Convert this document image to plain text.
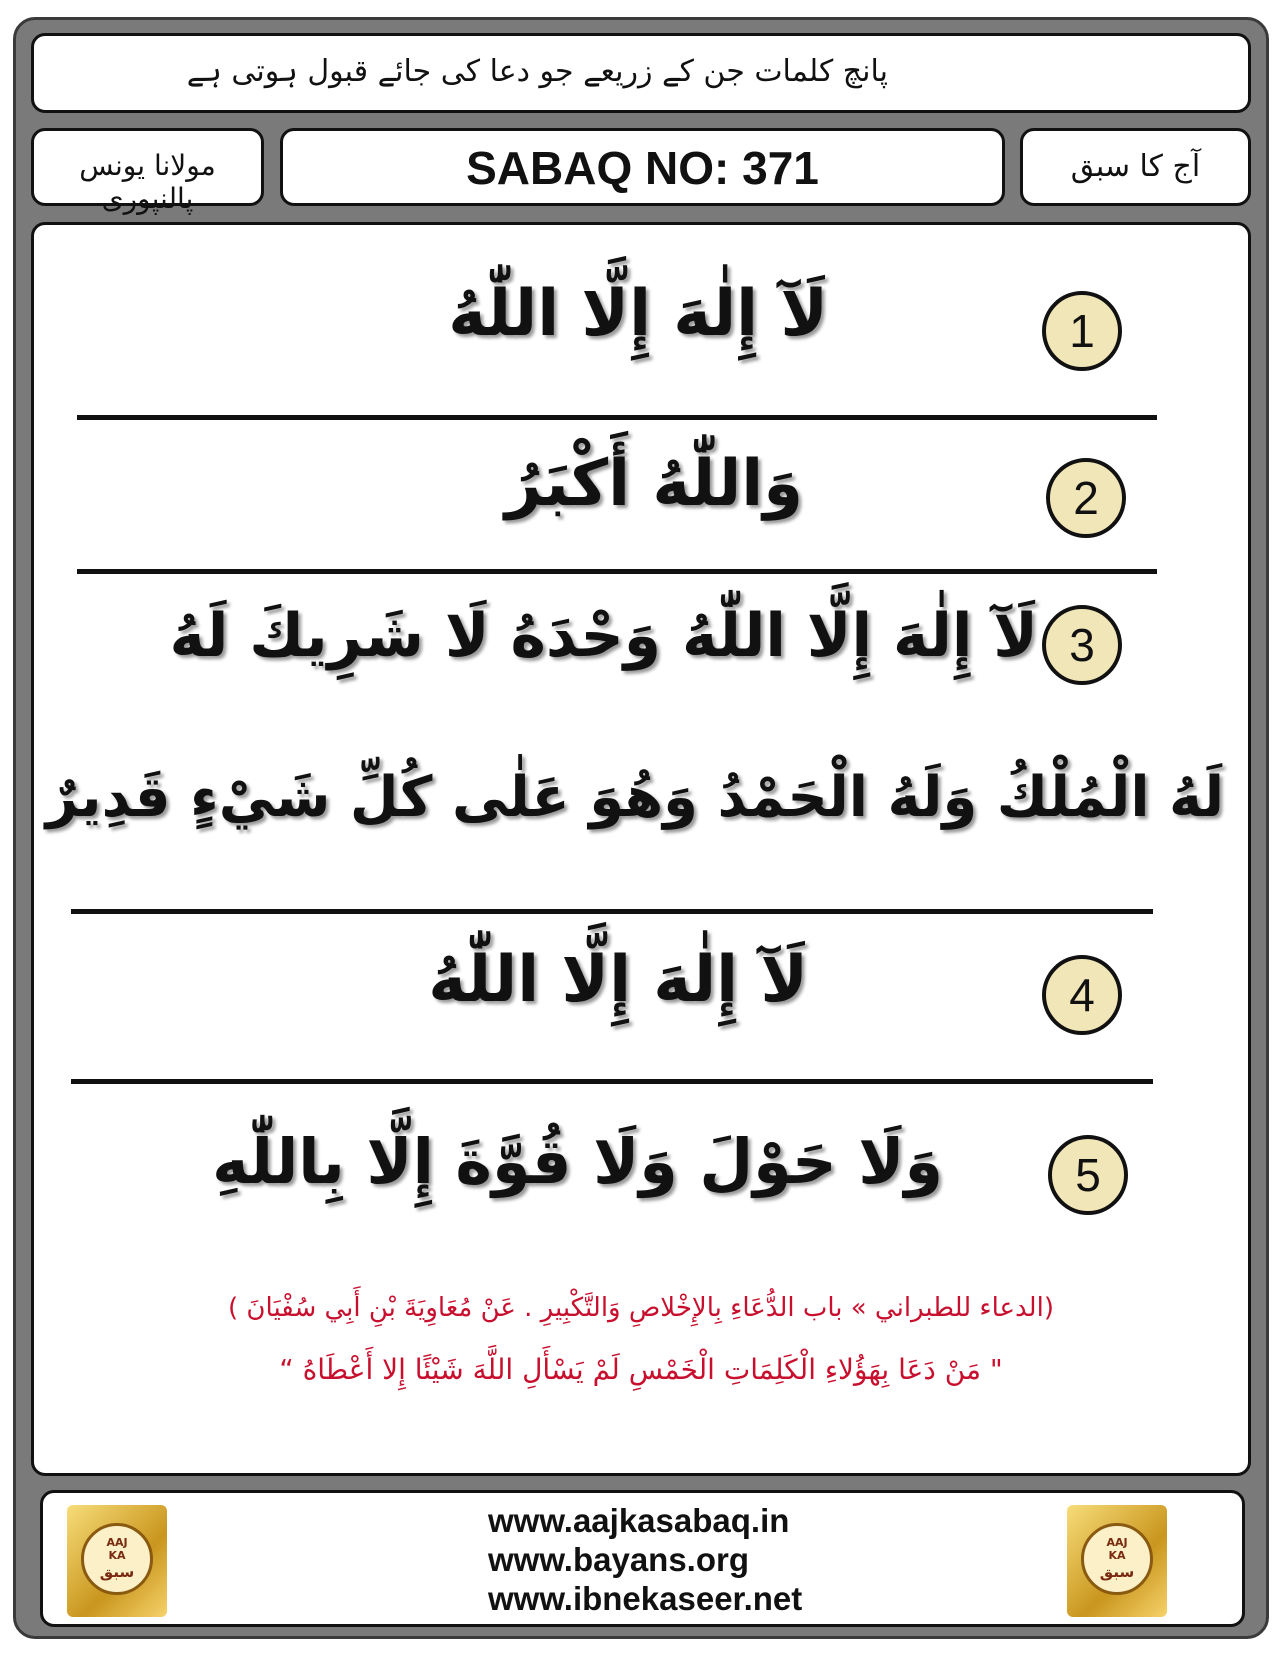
پانچ کلمات جن کے زریعے جو دعا کی جائے قبول ہوتی ہے
مولانا یونس پالنپوری
SABAQ NO: 371	آج کا سبق
1
لَآ إِلٰهَ إِلَّا اللّٰهُ
2
وَاللّٰهُ أَكْبَرُ
3
لَآ إِلٰهَ إِلَّا اللّٰهُ وَحْدَهُ لَا شَرِيكَ لَهُ
لَهُ الْمُلْكُ وَلَهُ الْحَمْدُ وَهُوَ عَلٰى كُلِّ شَيْءٍ قَدِيرٌ
4
لَآ إِلٰهَ إِلَّا اللّٰهُ
5
وَلَا حَوْلَ وَلَا قُوَّةَ إِلَّا بِاللّٰهِ
(الدعاء للطبراني » باب الدُّعَاءِ بِالإِخْلاصِ وَالتَّكْبِيرِ . عَنْ مُعَاوِيَةَ بْنِ أَبِي سُفْيَانَ )
" مَنْ دَعَا بِهَؤُلاءِ الْكَلِمَاتِ الْخَمْسِ لَمْ يَسْأَلِ اللَّهَ شَيْئًا إِلا أَعْطَاهُ “
AAJ
KA
سبق
www.aajkasabaq.in
www.bayans.org
www.ibnekaseer.net
AAJ
KA
سبق
